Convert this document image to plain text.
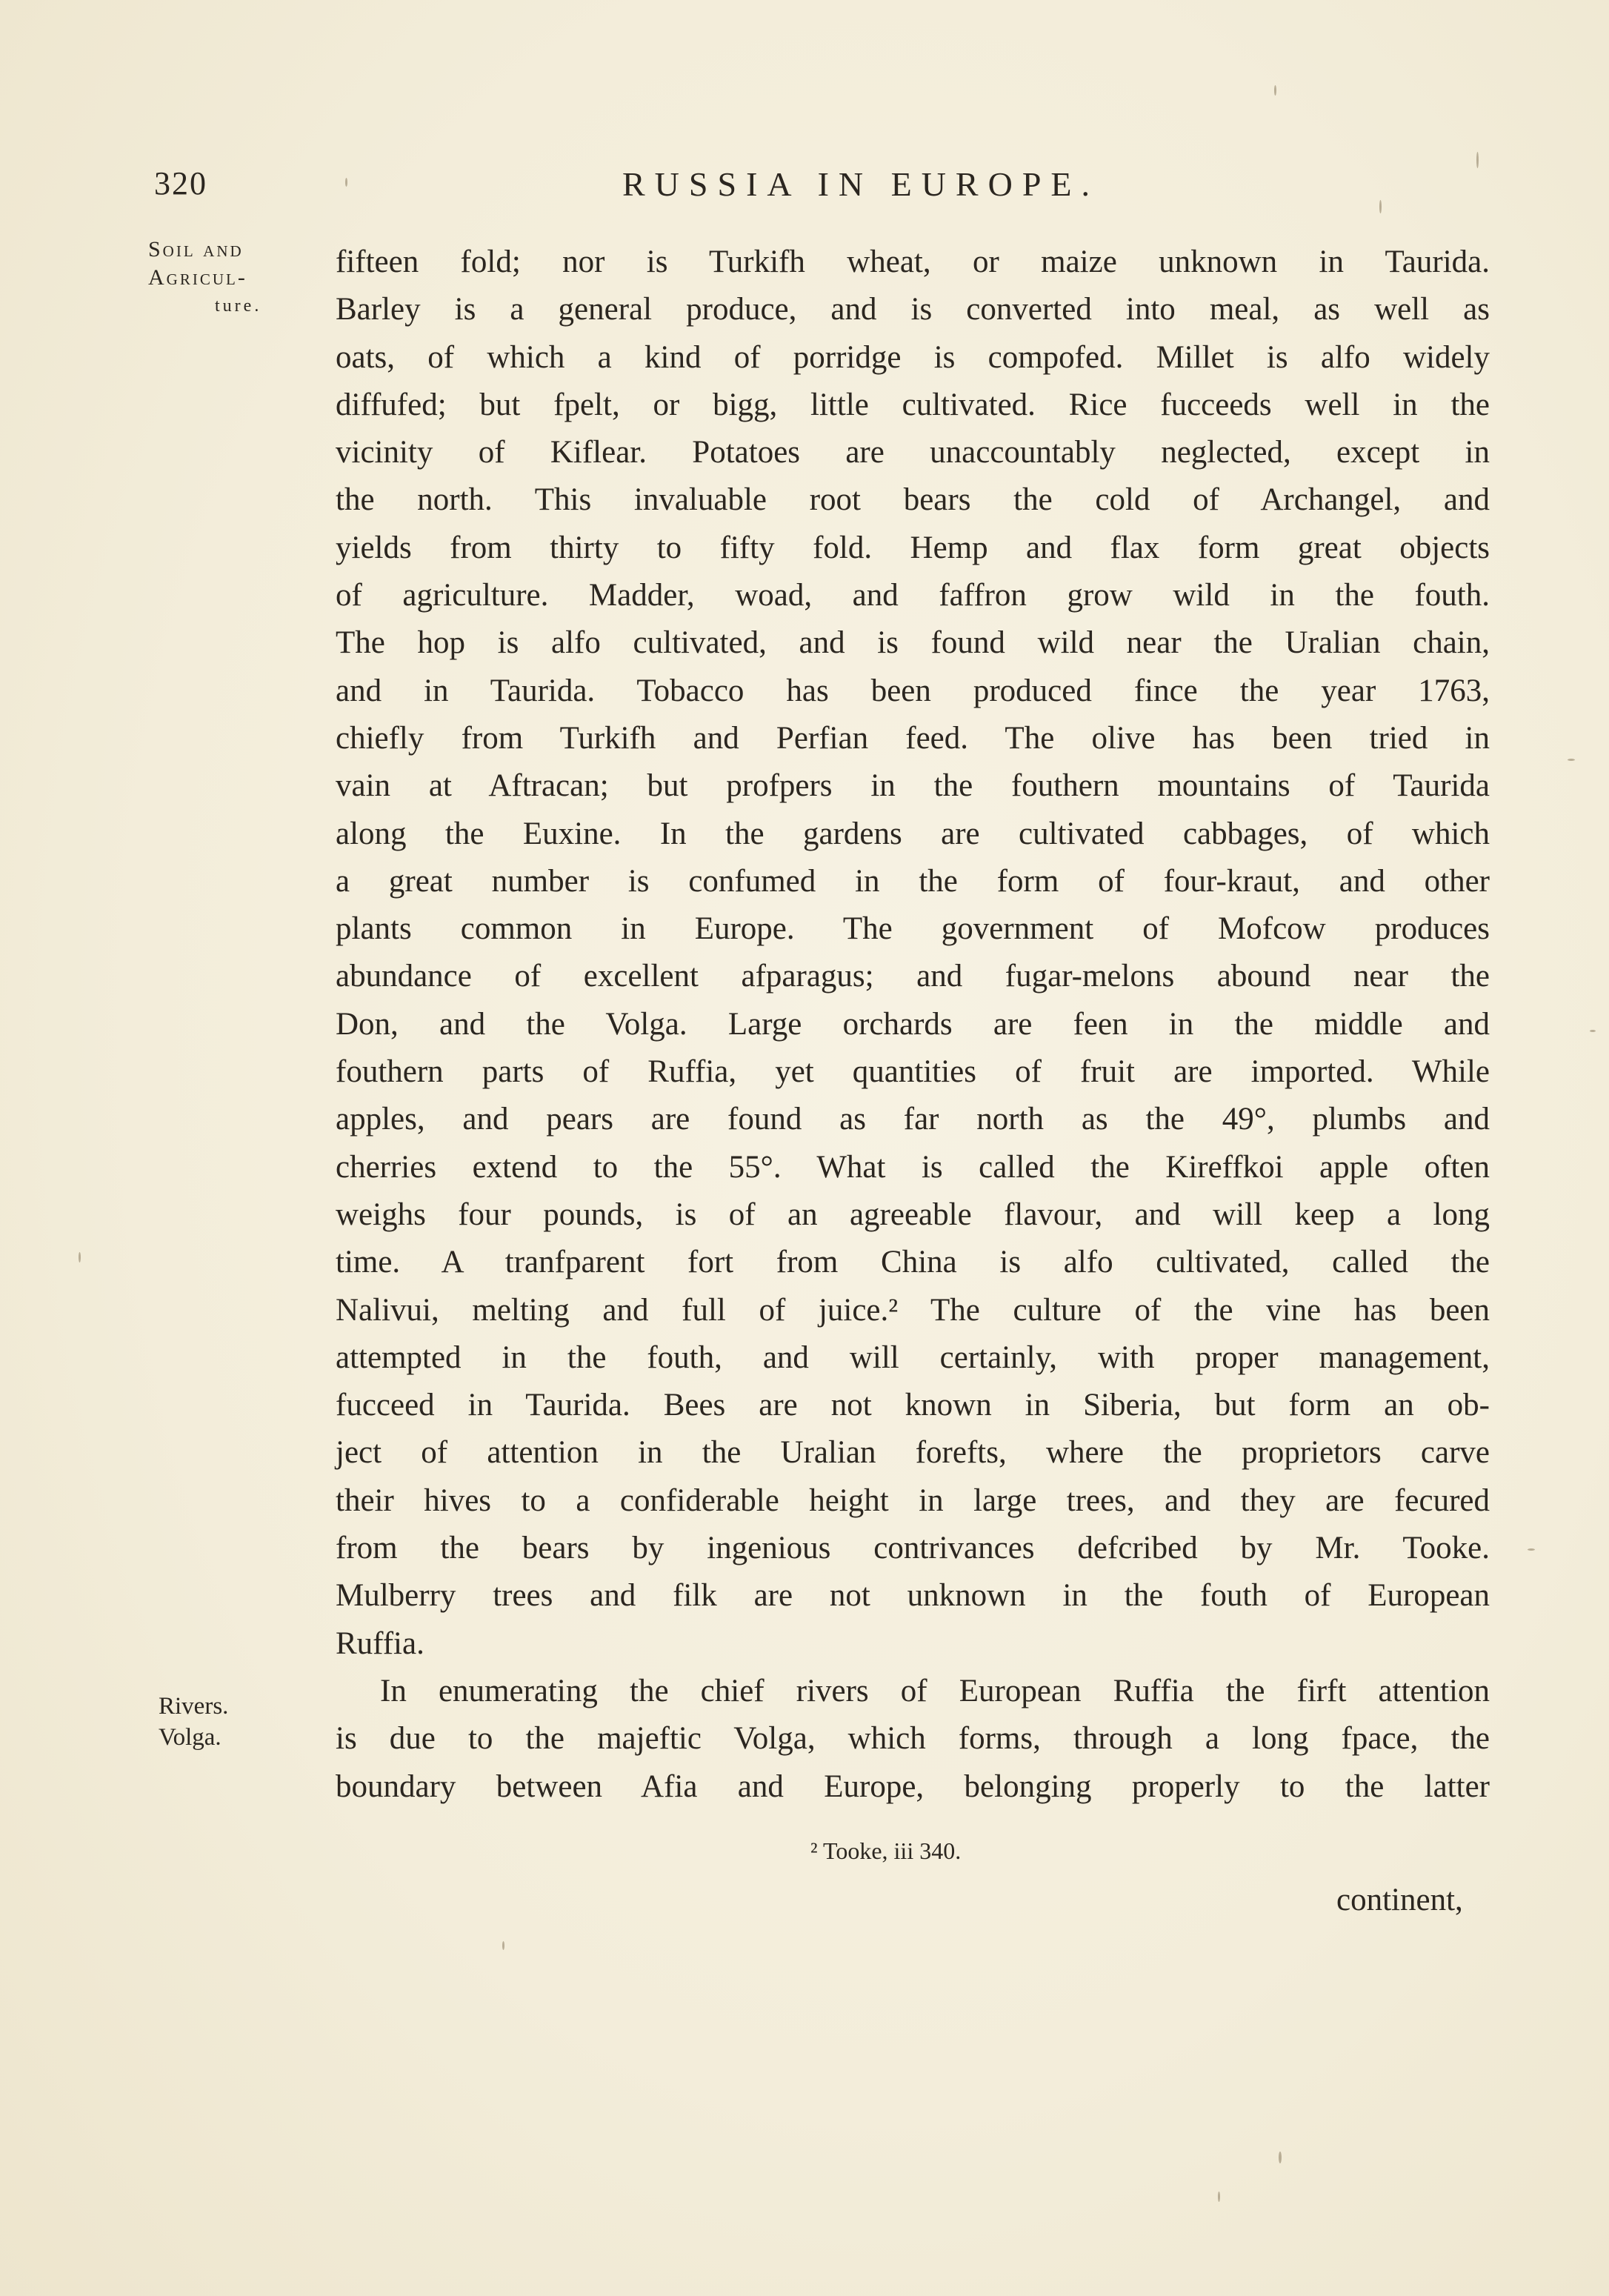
320	RUSSIA IN EUROPE.
Soil and
Agricul-
ture.
Rivers.
Volga.
fifteen fold; nor is Turkifh wheat, or maize unknown in Taurida.
Barley is a general produce, and is converted into meal, as well as
oats, of which a kind of porridge is compofed. Millet is alfo widely
diffufed; but fpelt, or bigg, little cultivated. Rice fucceeds well in the
vicinity of Kiflear. Potatoes are unaccountably neglected, except in
the north. This invaluable root bears the cold of Archangel, and
yields from thirty to fifty fold. Hemp and flax form great objects
of agriculture. Madder, woad, and faffron grow wild in the fouth.
The hop is alfo cultivated, and is found wild near the Uralian chain,
and in Taurida. Tobacco has been produced fince the year 1763,
chiefly from Turkifh and Perfian feed. The olive has been tried in
vain at Aftracan; but profpers in the fouthern mountains of Taurida
along the Euxine. In the gardens are cultivated cabbages, of which
a great number is confumed in the form of four-kraut, and other
plants common in Europe. The government of Mofcow produces
abundance of excellent afparagus; and fugar-melons abound near the
Don, and the Volga. Large orchards are feen in the middle and
fouthern parts of Ruffia, yet quantities of fruit are imported. While
apples, and pears are found as far north as the 49°, plumbs and
cherries extend to the 55°. What is called the Kireffkoi apple often
weighs four pounds, is of an agreeable flavour, and will keep a long
time. A tranfparent fort from China is alfo cultivated, called the
Nalivui, melting and full of juice.² The culture of the vine has been
attempted in the fouth, and will certainly, with proper management,
fucceed in Taurida. Bees are not known in Siberia, but form an ob-
ject of attention in the Uralian forefts, where the proprietors carve
their hives to a confiderable height in large trees, and they are fecured
from the bears by ingenious contrivances defcribed by Mr. Tooke.
Mulberry trees and filk are not unknown in the fouth of European
Ruffia.
In enumerating the chief rivers of European Ruffia the firft attention
is due to the majeftic Volga, which forms, through a long fpace, the
boundary between Afia and Europe, belonging properly to the latter
² Tooke, iii 340.
continent,
